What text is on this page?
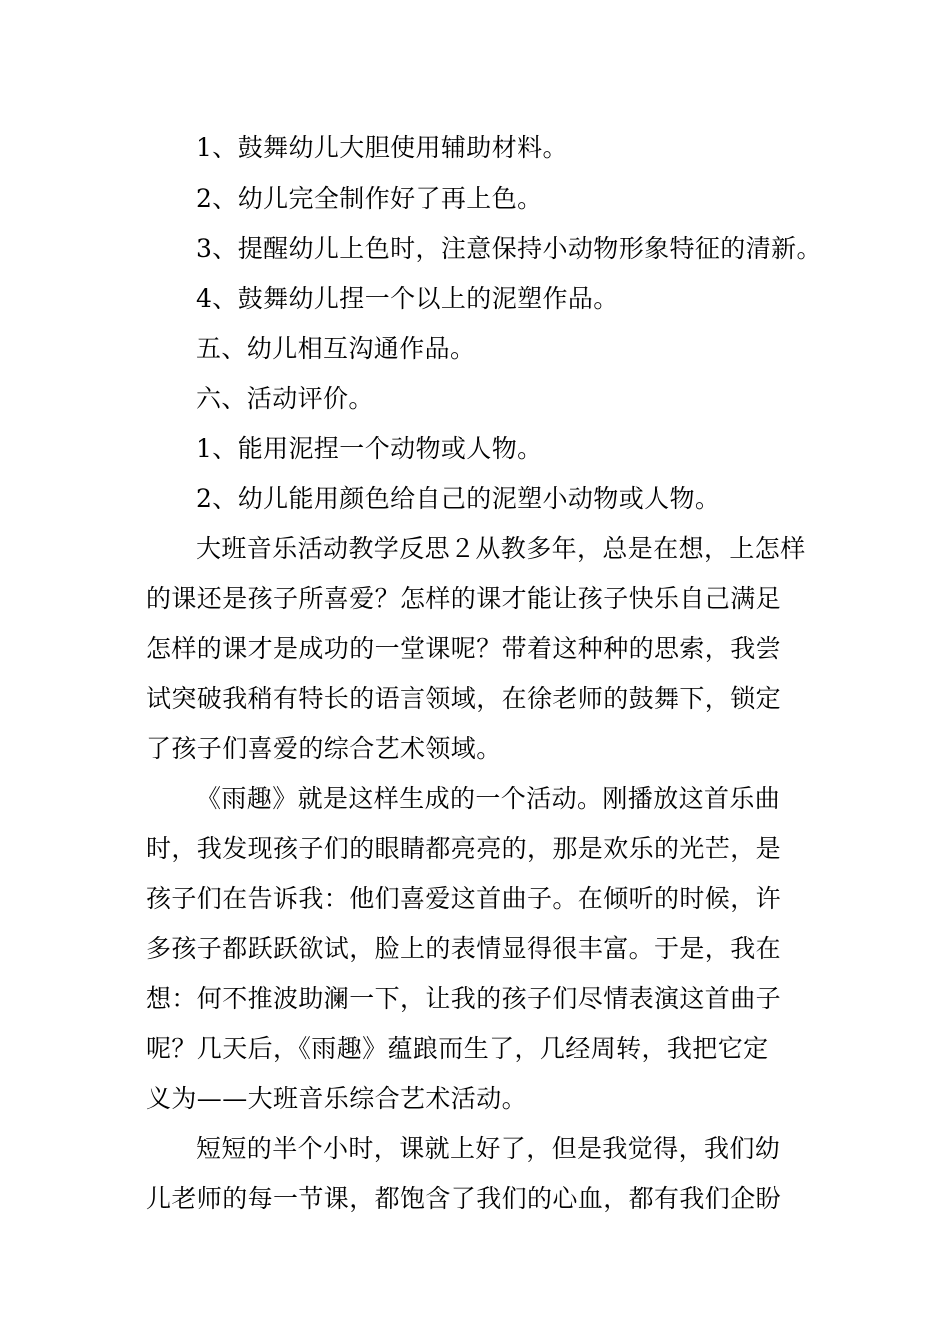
1、鼓舞幼儿大胆使用辅助材料。
2、幼儿完全制作好了再上色。
3、提醒幼儿上色时，注意保持小动物形象特征的清新。
4、鼓舞幼儿捏一个以上的泥塑作品。
五、幼儿相互沟通作品。
六、活动评价。
1、能用泥捏一个动物或人物。
2、幼儿能用颜色给自己的泥塑小动物或人物。
大班音乐活动教学反思２从教多年，总是在想，上怎样
的课还是孩子所喜爱？怎样的课才能让孩子快乐自己满足
怎样的课才是成功的一堂课呢？带着这种种的思索，我尝
试突破我稍有特长的语言领域，在徐老师的鼓舞下，锁定
了孩子们喜爱的综合艺术领域。
《雨趣》就是这样生成的一个活动。刚播放这首乐曲
时，我发现孩子们的眼睛都亮亮的，那是欢乐的光芒，是
孩子们在告诉我：他们喜爱这首曲子。在倾听的时候，许
多孩子都跃跃欲试，脸上的表情显得很丰富。于是，我在
想：何不推波助澜一下，让我的孩子们尽情表演这首曲子
呢？几天后，《雨趣》蕴踉而生了，几经周转，我把它定
义为——大班音乐综合艺术活动。
短短的半个小时，课就上好了，但是我觉得，我们幼
儿老师的每一节课，都饱含了我们的心血，都有我们企盼
